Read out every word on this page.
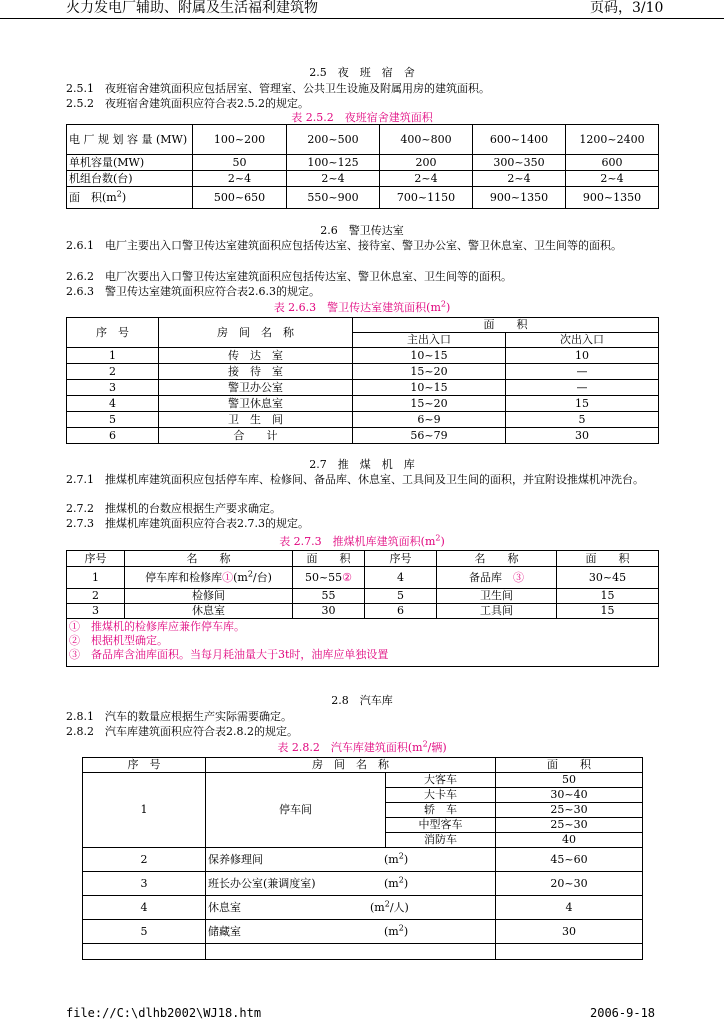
火力发电厂辅助、附属及生活福利建筑物	页码，3/10
2.5　夜　班　宿　舍
2.5.1　夜班宿舍建筑面积应包括居室、管理室、公共卫生设施及附属用房的建筑面积。
2.5.2　夜班宿舍建筑面积应符合表2.5.2的规定。
表 2.5.2　夜班宿舍建筑面积
电 厂 规 划 容 量 (MW)	100~200	200~500	400~800	600~1400	1200~2400
单机容量(MW)	50	100~125	200	300~350	600
机组台数(台)	2~4	2~4	2~4	2~4	2~4
面　积$(m^2)$	500~650	550~900	700~1150	900~1350	900~1350
2.6　警卫传达室
2.6.1　电厂主要出入口警卫传达室建筑面积应包括传达室、接待室、警卫办公室、警卫休息室、卫生间等的面积。
2.6.2　电厂次要出入口警卫传达室建筑面积应包括传达室、警卫休息室、卫生间等的面积。
2.6.3　警卫传达室建筑面积应符合表2.6.3的规定。
表 2.6.3　警卫传达室建筑面积$(m^2)$
序　号	房　间　名　称	面　　积	
		主出入口	次出入口
1	传　达　室	10~15	10
2	接　待　室	15~20	—
3	警卫办公室	10~15	—
4	警卫休息室	15~20	15
5	卫　生　间	6~9	5
6	合　　计	56~79	30
2.7　推　煤　机　库
2.7.1　推煤机库建筑面积应包括停车库、检修间、备品库、休息室、工具间及卫生间的面积，并宜附设推煤机冲洗台。
2.7.2　推煤机的台数应根据生产要求确定。
2.7.3　推煤机库建筑面积应符合表2.7.3的规定。
表 2.7.3　推煤机库建筑面积$(m^2)$
序号	名　　称	面　　积	序号	名　　称	面　　积
1	停车库和检修库$①(m^2/$台)	50~55②	4	备品库　 ③	30~45
2	检修间	55	5	卫生间	15
3	休息室	30	6	工具间	15

①　推煤机的检修库应兼作停车库。
②　根据机型确定。
③　备品库含油库面积。当每月耗油量大于3t时，油库应单独设置					
2.8　汽车库
2.8.1　汽车的数量应根据生产实际需要确定。
2.8.2　汽车库建筑面积应符合表2.8.2的规定。
表 2.8.2　汽车库建筑面积($m^2/$辆)
序　号	房　间　名　称		面　　积
1	停车间	大客车	50
		大卡车	30~40
		轿　车	25~30
		中型客车	25~30
		消防车	40
2	保养修理间 $(m^2)$		45~60
3	班长办公室(兼调度室) $(m^2)$		20~30
4	休息室 ($m^2/$人)		4
5	储藏室 $(m^2)$		30

file://C:\dlhb2002\WJ18.htm	2006-9-18
